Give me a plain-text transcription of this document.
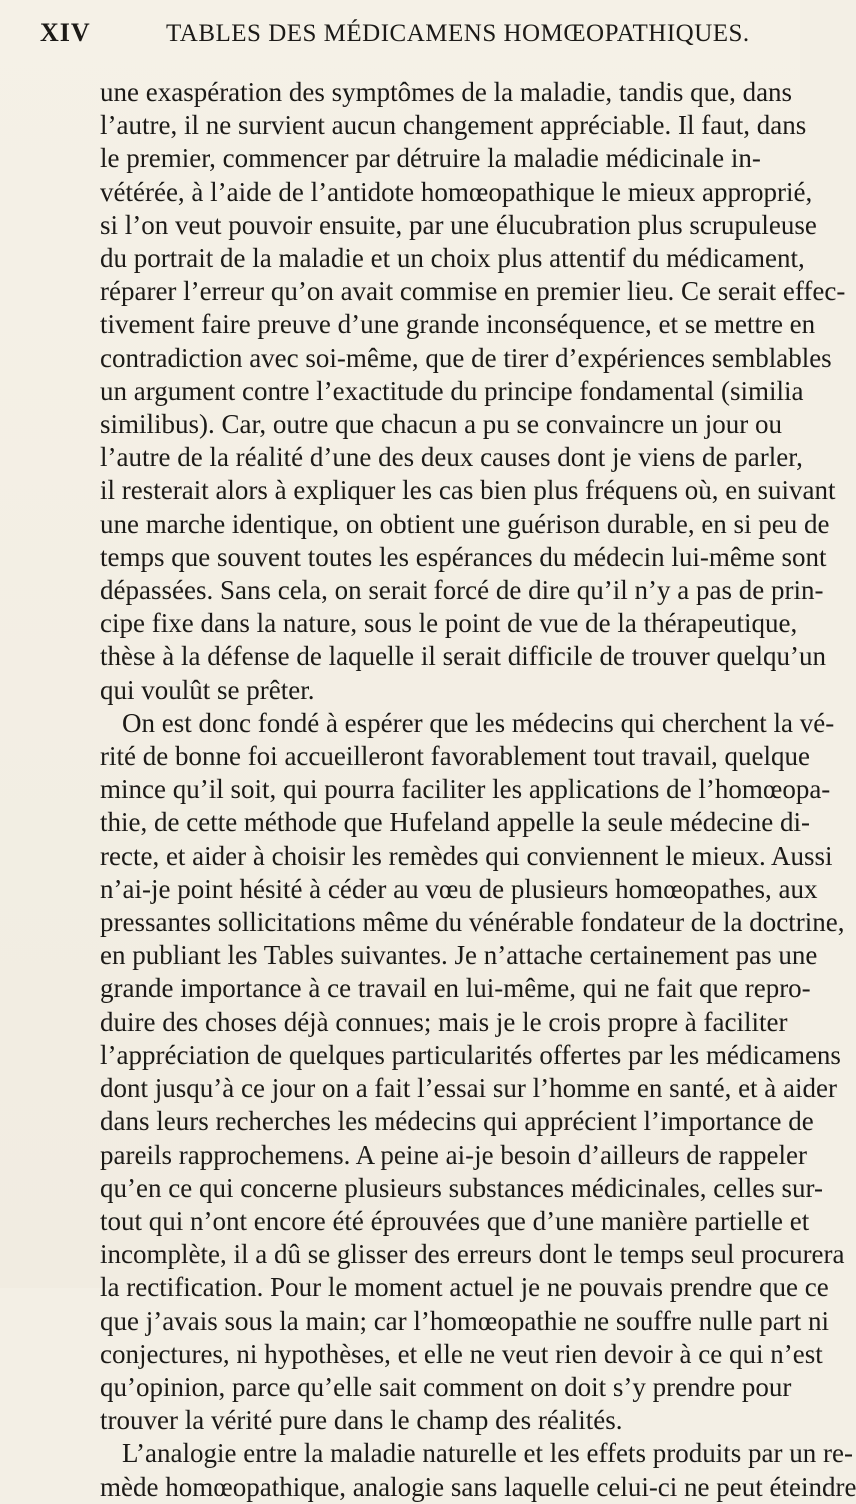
XIV	TABLES DES MÉDICAMENS HOMŒOPATHIQUES.
une exaspération des symptômes de la maladie, tandis que, dans
l’autre, il ne survient aucun changement appréciable. Il faut, dans
le premier, commencer par détruire la maladie médicinale in-
vétérée, à l’aide de l’antidote homœopathique le mieux approprié,
si l’on veut pouvoir ensuite, par une élucubration plus scrupuleuse
du portrait de la maladie et un choix plus attentif du médicament,
réparer l’erreur qu’on avait commise en premier lieu. Ce serait effec-
tivement faire preuve d’une grande inconséquence, et se mettre en
contradiction avec soi-même, que de tirer d’expériences semblables
un argument contre l’exactitude du principe fondamental (similia
similibus). Car, outre que chacun a pu se convaincre un jour ou
l’autre de la réalité d’une des deux causes dont je viens de parler,
il resterait alors à expliquer les cas bien plus fréquens où, en suivant
une marche identique, on obtient une guérison durable, en si peu de
temps que souvent toutes les espérances du médecin lui-même sont
dépassées. Sans cela, on serait forcé de dire qu’il n’y a pas de prin-
cipe fixe dans la nature, sous le point de vue de la thérapeutique,
thèse à la défense de laquelle il serait difficile de trouver quelqu’un
qui voulût se prêter.
On est donc fondé à espérer que les médecins qui cherchent la vé-
rité de bonne foi accueilleront favorablement tout travail, quelque
mince qu’il soit, qui pourra faciliter les applications de l’homœopa-
thie, de cette méthode que Hufeland appelle la seule médecine di-
recte, et aider à choisir les remèdes qui conviennent le mieux. Aussi
n’ai-je point hésité à céder au vœu de plusieurs homœopathes, aux
pressantes sollicitations même du vénérable fondateur de la doctrine,
en publiant les Tables suivantes. Je n’attache certainement pas une
grande importance à ce travail en lui-même, qui ne fait que repro-
duire des choses déjà connues; mais je le crois propre à faciliter
l’appréciation de quelques particularités offertes par les médicamens
dont jusqu’à ce jour on a fait l’essai sur l’homme en santé, et à aider
dans leurs recherches les médecins qui apprécient l’importance de
pareils rapprochemens. A peine ai-je besoin d’ailleurs de rappeler
qu’en ce qui concerne plusieurs substances médicinales, celles sur-
tout qui n’ont encore été éprouvées que d’une manière partielle et
incomplète, il a dû se glisser des erreurs dont le temps seul procurera
la rectification. Pour le moment actuel je ne pouvais prendre que ce
que j’avais sous la main; car l’homœopathie ne souffre nulle part ni
conjectures, ni hypothèses, et elle ne veut rien devoir à ce qui n’est
qu’opinion, parce qu’elle sait comment on doit s’y prendre pour
trouver la vérité pure dans le champ des réalités.
L’analogie entre la maladie naturelle et les effets produits par un re-
mède homœopathique, analogie sans laquelle celui-ci ne peut éteindre
